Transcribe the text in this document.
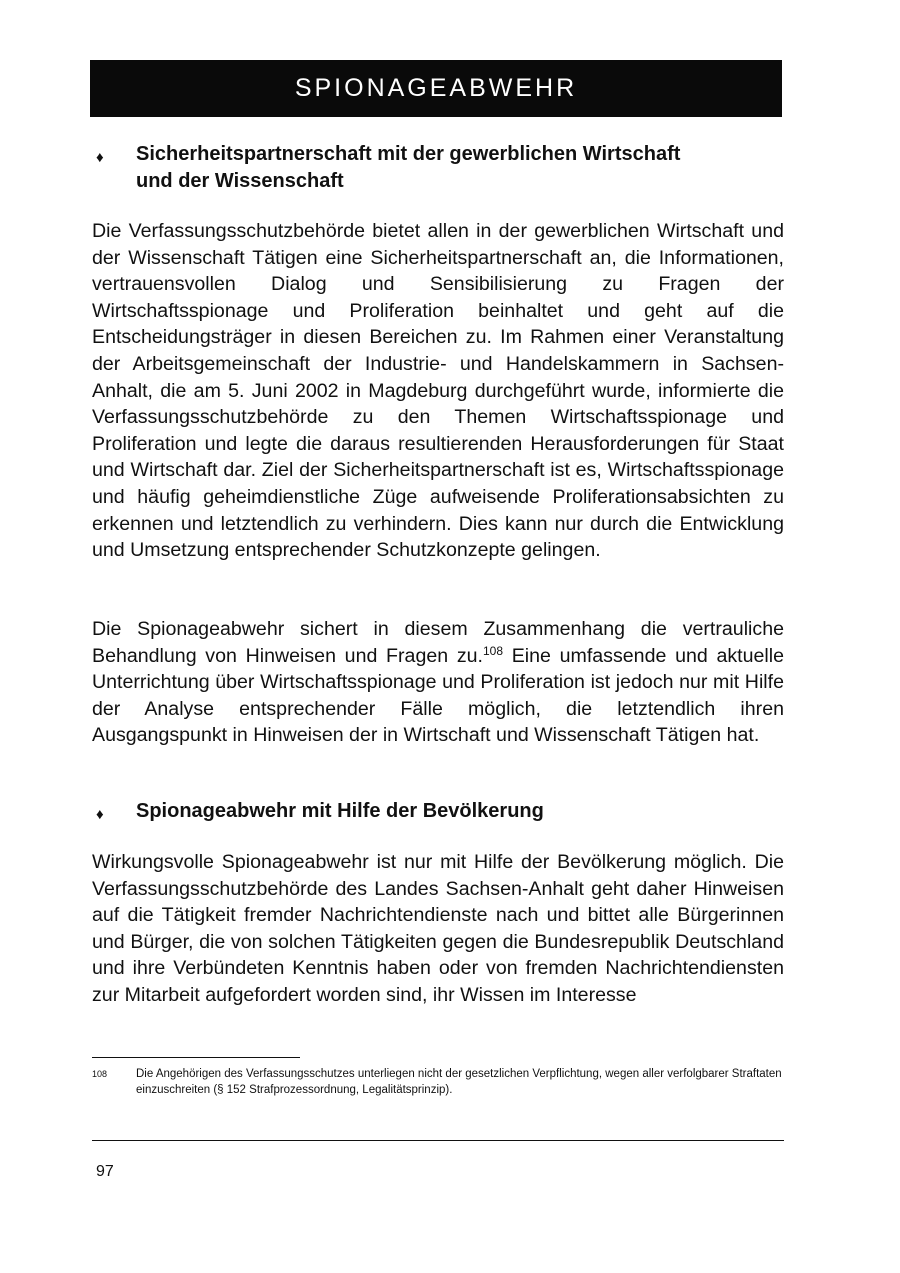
SPIONAGEABWEHR
♦	Sicherheitspartnerschaft mit der gewerblichen Wirtschaft
und der Wissenschaft

Die Verfassungsschutzbehörde bietet allen in der gewerblichen Wirtschaft und der Wissenschaft Tätigen eine Sicherheitspartnerschaft an, die Informationen, vertrauensvollen Dialog und Sensibilisierung zu Fragen der Wirtschaftsspionage und Proliferation beinhaltet und geht auf die Entscheidungsträger in diesen Bereichen zu. Im Rahmen einer Veranstaltung der Arbeitsgemeinschaft der Industrie- und Handelskammern in Sachsen-Anhalt, die am 5. Juni 2002 in Magdeburg durchgeführt wurde, informierte die Verfassungsschutzbehörde zu den Themen Wirtschaftsspionage und Proliferation und legte die daraus resultierenden Herausforderungen für Staat und Wirtschaft dar. Ziel der Sicherheitspartnerschaft ist es, Wirtschaftsspionage und häufig geheimdienstliche Züge aufweisende Proliferationsabsichten zu erkennen und letztendlich zu verhindern. Dies kann nur durch die Entwicklung und Umsetzung entsprechender Schutzkonzepte gelingen.

Die Spionageabwehr sichert in diesem Zusammenhang die vertrauliche Behandlung von Hinweisen und Fragen zu.$^{108}$ Eine umfassende und aktuelle Unterrichtung über Wirtschaftsspionage und Proliferation ist jedoch nur mit Hilfe der Analyse entsprechender Fälle möglich, die letztendlich ihren Ausgangspunkt in Hinweisen der in Wirtschaft und Wissenschaft Tätigen hat.

♦	Spionageabwehr mit Hilfe der Bevölkerung

Wirkungsvolle Spionageabwehr ist nur mit Hilfe der Bevölkerung möglich. Die Verfassungsschutzbehörde des Landes Sachsen-Anhalt geht daher Hinweisen auf die Tätigkeit fremder Nachrichtendienste nach und bittet alle Bürgerinnen und Bürger, die von solchen Tätigkeiten gegen die Bundesrepublik Deutschland und ihre Verbündeten Kenntnis haben oder von fremden Nachrichtendiensten zur Mitarbeit aufgefordert worden sind, ihr Wissen im Interesse

108	Die Angehörigen des Verfassungsschutzes unterliegen nicht der gesetzlichen Verpflichtung, wegen aller verfolgbarer Straftaten einzuschreiten (§ 152 Strafprozessordnung, Legalitätsprinzip).
97
